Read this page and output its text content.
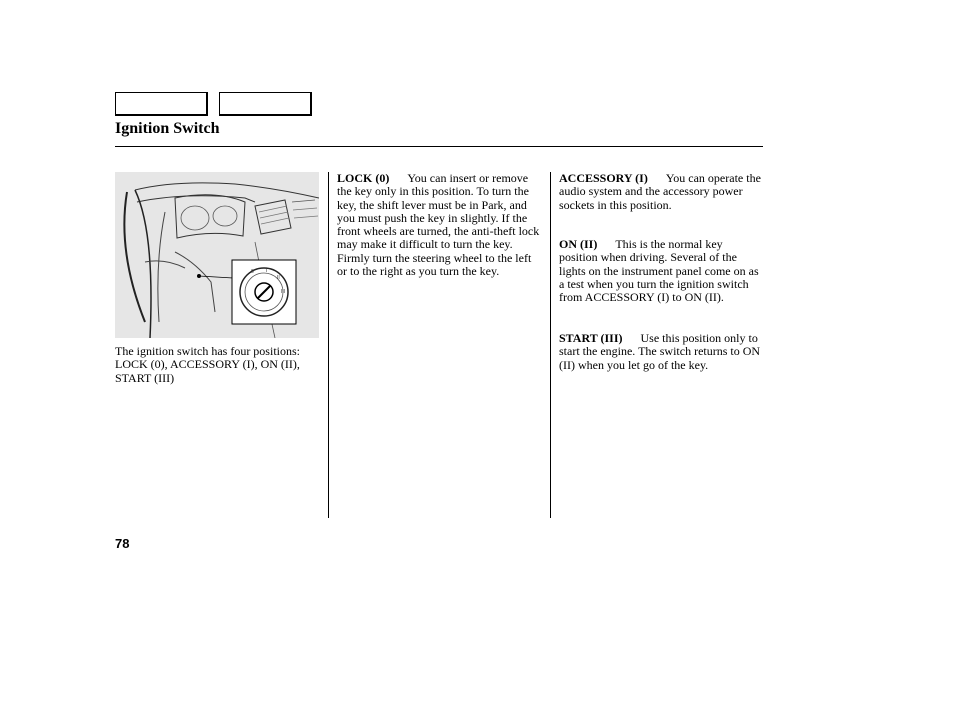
Ignition Switch
0 I
II
III
The ignition switch has four positions: LOCK (0), ACCESSORY (I), ON (II), START (III)
LOCK (0) You can insert or remove the key only in this position. To turn the key, the shift lever must be in Park, and you must push the key in slightly. If the front wheels are turned, the anti-theft lock may make it difficult to turn the key. Firmly turn the steering wheel to the left or to the right as you turn the key.
ACCESSORY (I) You can operate the audio system and the accessory power sockets in this position.
ON (II) This is the normal key position when driving. Several of the lights on the instrument panel come on as a test when you turn the ignition switch from ACCESSORY (I) to ON (II).
START (III) Use this position only to start the engine. The switch returns to ON (II) when you let go of the key.
78
